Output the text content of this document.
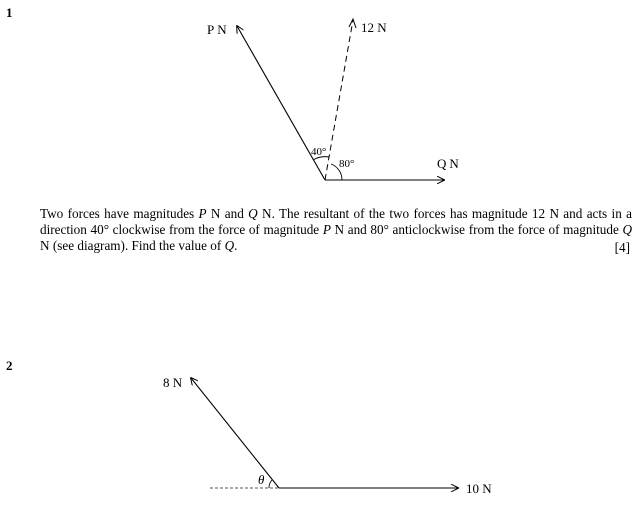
1
P N	12 N
Q N
40°
80°
Two forces have magnitudes P N and Q N. The resultant of the two forces has magnitude 12 N and acts in a direction 40° clockwise from the force of magnitude P N and 80° anticlockwise from the force of magnitude Q N (see diagram). Find the value of Q.	[4]
2
8 N
10 N
θ
